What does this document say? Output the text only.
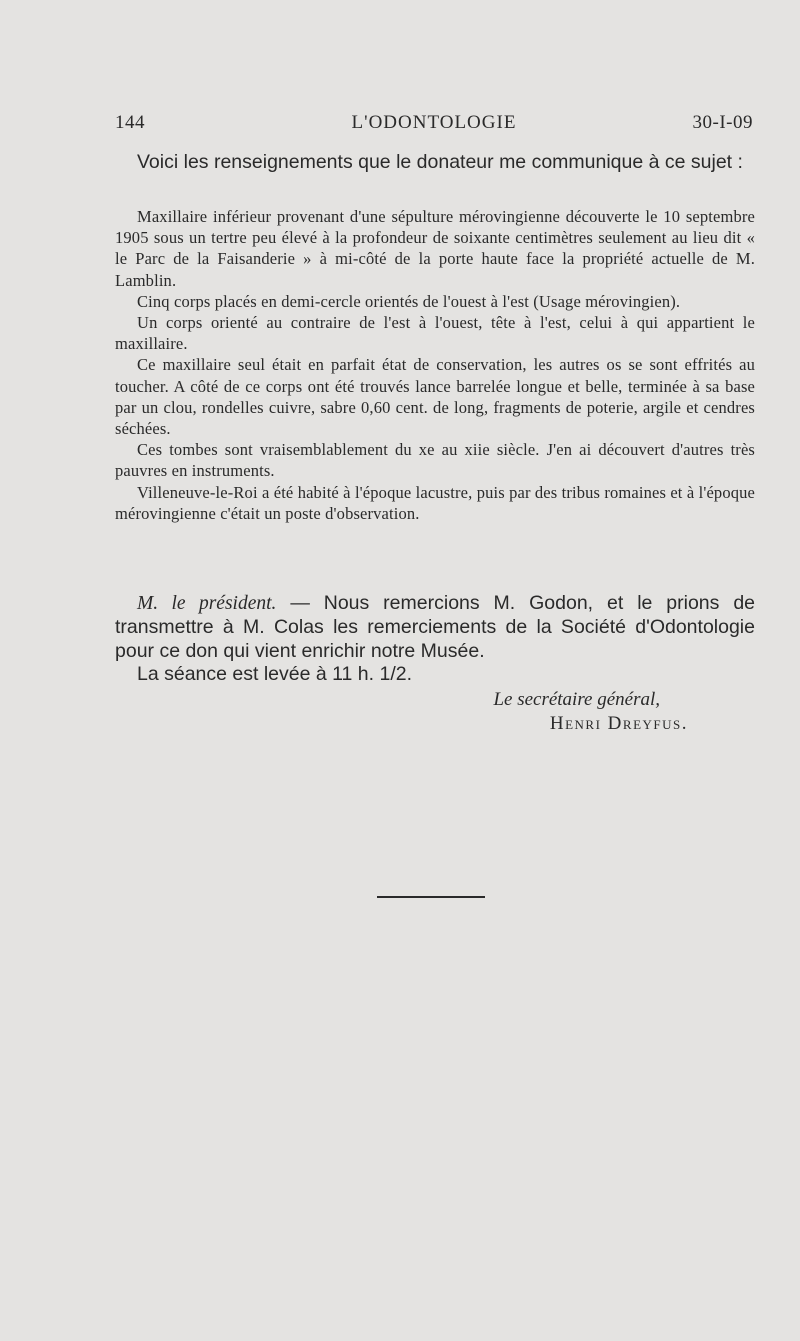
144	L'ODONTOLOGIE	30-I-09

Voici les renseignements que le donateur me communique à ce sujet :

Maxillaire inférieur provenant d'une sépulture mérovingienne découverte le 10 septembre 1905 sous un tertre peu élevé à la profondeur de soixante centimètres seulement au lieu dit « le Parc de la Faisanderie » à mi-côté de la porte haute face la propriété actuelle de M. Lamblin.

Cinq corps placés en demi-cercle orientés de l'ouest à l'est (Usage mérovingien).

Un corps orienté au contraire de l'est à l'ouest, tête à l'est, celui à qui appartient le maxillaire.

Ce maxillaire seul était en parfait état de conservation, les autres os se sont effrités au toucher. A côté de ce corps ont été trouvés lance barrelée longue et belle, terminée à sa base par un clou, rondelles cuivre, sabre 0,60 cent. de long, fragments de poterie, argile et cendres séchées.

Ces tombes sont vraisemblablement du xe au xiie siècle. J'en ai découvert d'autres très pauvres en instruments.

Villeneuve-le-Roi a été habité à l'époque lacustre, puis par des tribus romaines et à l'époque mérovingienne c'était un poste d'observation.

M. le président. — Nous remercions M. Godon, et le prions de transmettre à M. Colas les remerciements de la Société d'Odontologie pour ce don qui vient enrichir notre Musée.

La séance est levée à 11 h. 1/2.

Le secrétaire général,
Henri Dreyfus.
